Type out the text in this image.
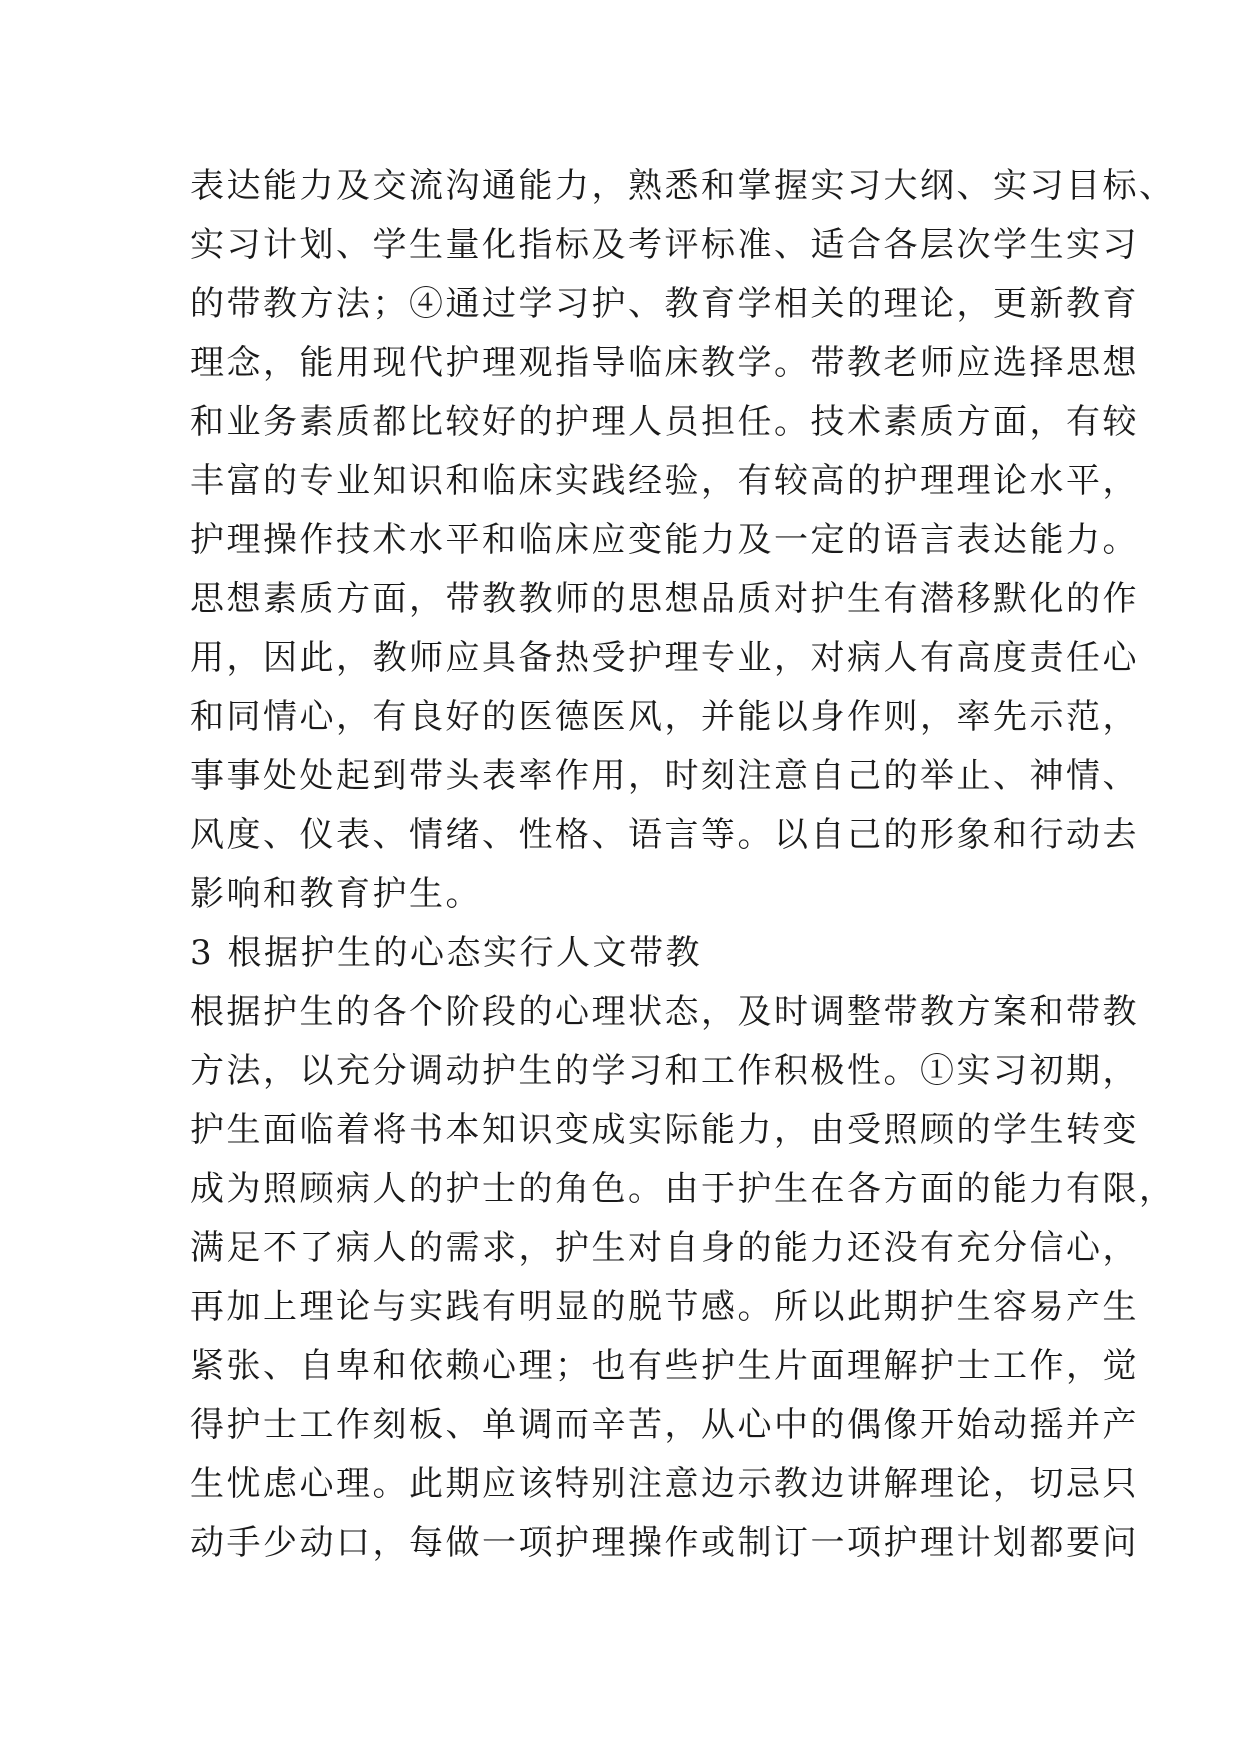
表达能力及交流沟通能力，熟悉和掌握实习大纲、实习目标、
实习计划、学生量化指标及考评标准、适合各层次学生实习
的带教方法；④通过学习护、教育学相关的理论，更新教育
理念，能用现代护理观指导临床教学。带教老师应选择思想
和业务素质都比较好的护理人员担任。技术素质方面，有较
丰富的专业知识和临床实践经验，有较高的护理理论水平，
护理操作技术水平和临床应变能力及一定的语言表达能力。
思想素质方面，带教教师的思想品质对护生有潜移默化的作
用，因此，教师应具备热受护理专业，对病人有高度责任心
和同情心，有良好的医德医风，并能以身作则，率先示范，
事事处处起到带头表率作用，时刻注意自己的举止、神情、
风度、仪表、情绪、性格、语言等。以自己的形象和行动去
影响和教育护生。
3 根据护生的心态实行人文带教
根据护生的各个阶段的心理状态，及时调整带教方案和带教
方法，以充分调动护生的学习和工作积极性。①实习初期，
护生面临着将书本知识变成实际能力，由受照顾的学生转变
成为照顾病人的护士的角色。由于护生在各方面的能力有限，
满足不了病人的需求，护生对自身的能力还没有充分信心，
再加上理论与实践有明显的脱节感。所以此期护生容易产生
紧张、自卑和依赖心理；也有些护生片面理解护士工作，觉
得护士工作刻板、单调而辛苦，从心中的偶像开始动摇并产
生忧虑心理。此期应该特别注意边示教边讲解理论，切忌只
动手少动口，每做一项护理操作或制订一项护理计划都要问
